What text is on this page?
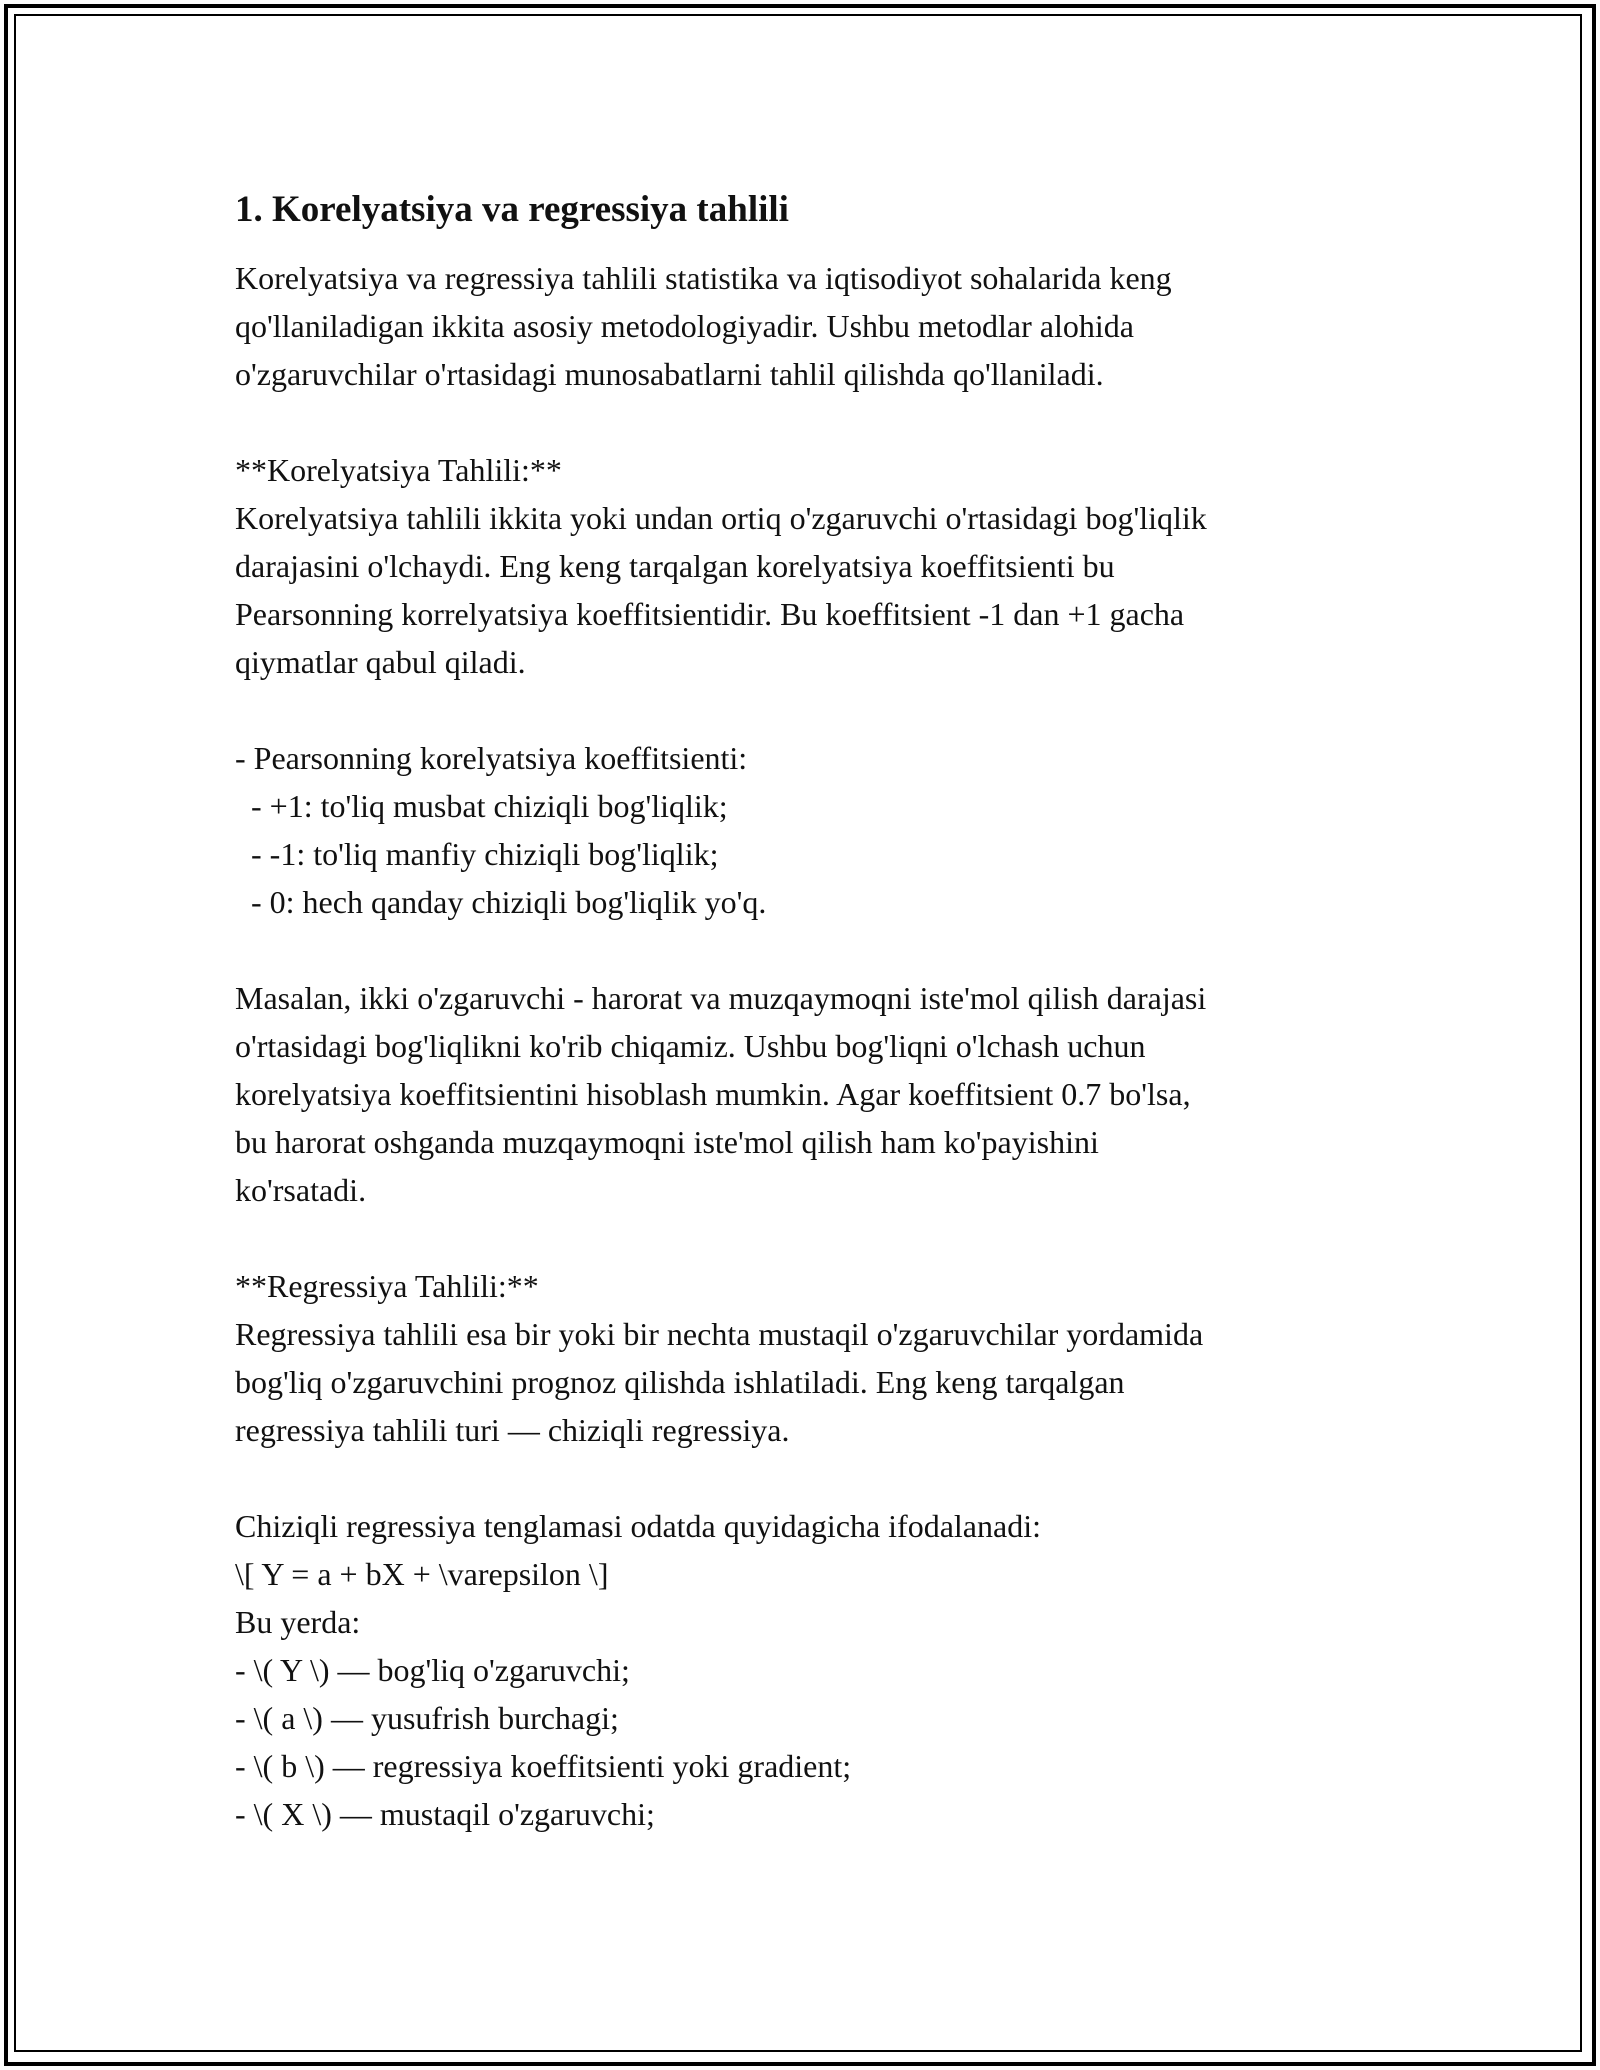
1. Korelyatsiya va regressiya tahlili

Korelyatsiya va regressiya tahlili statistika va iqtisodiyot sohalarida keng

qo'llaniladigan ikkita asosiy metodologiyadir. Ushbu metodlar alohida

o'zgaruvchilar o'rtasidagi munosabatlarni tahlil qilishda qo'llaniladi.

**Korelyatsiya Tahlili:**

Korelyatsiya tahlili ikkita yoki undan ortiq o'zgaruvchi o'rtasidagi bog'liqlik

darajasini o'lchaydi. Eng keng tarqalgan korelyatsiya koeffitsienti bu

Pearsonning korrelyatsiya koeffitsientidir. Bu koeffitsient -1 dan +1 gacha

qiymatlar qabul qiladi.

- Pearsonning korelyatsiya koeffitsienti:

- +1: to'liq musbat chiziqli bog'liqlik;

- -1: to'liq manfiy chiziqli bog'liqlik;

- 0: hech qanday chiziqli bog'liqlik yo'q.

Masalan, ikki o'zgaruvchi - harorat va muzqaymoqni iste'mol qilish darajasi

o'rtasidagi bog'liqlikni ko'rib chiqamiz. Ushbu bog'liqni o'lchash uchun

korelyatsiya koeffitsientini hisoblash mumkin. Agar koeffitsient 0.7 bo'lsa,

bu harorat oshganda muzqaymoqni iste'mol qilish ham ko'payishini

ko'rsatadi.

**Regressiya Tahlili:**

Regressiya tahlili esa bir yoki bir nechta mustaqil o'zgaruvchilar yordamida

bog'liq o'zgaruvchini prognoz qilishda ishlatiladi. Eng keng tarqalgan

regressiya tahlili turi — chiziqli regressiya.

Chiziqli regressiya tenglamasi odatda quyidagicha ifodalanadi:

\[ Y = a + bX + \varepsilon \]

Bu yerda:

- \( Y \) — bog'liq o'zgaruvchi;

- \( a \) — yusufrish burchagi;

- \( b \) — regressiya koeffitsienti yoki gradient;

- \( X \) — mustaqil o'zgaruvchi;
